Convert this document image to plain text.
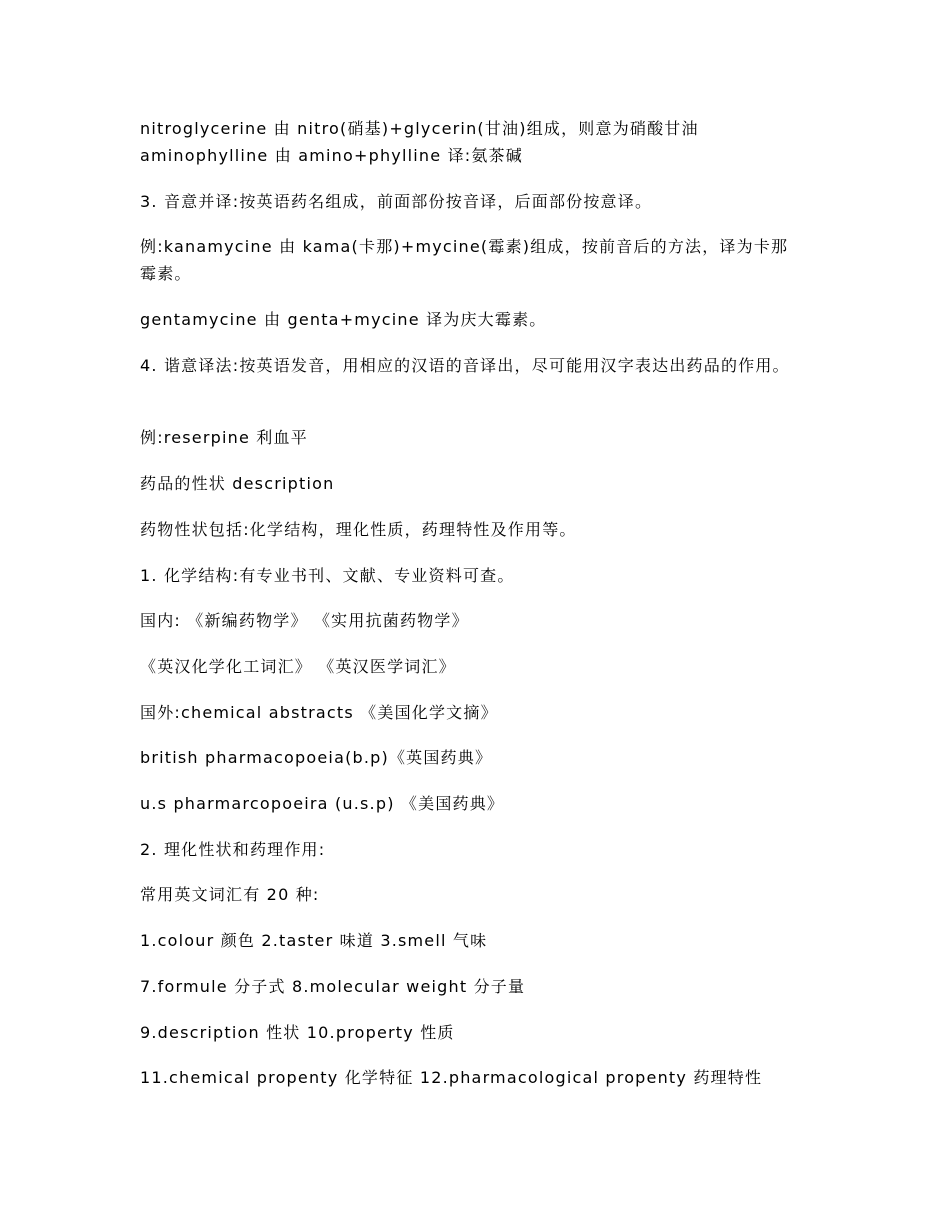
nitroglycerine 由 nitro(硝基)+glycerin(甘油)组成，则意为硝酸甘油

aminophylline 由 amino+phylline 译:氨茶碱

3. 音意并译:按英语药名组成，前面部份按音译，后面部份按意译。

例:kanamycine 由 kama(卡那)+mycine(霉素)组成，按前音后的方法，译为卡那

霉素。

gentamycine 由 genta+mycine 译为庆大霉素。

4. 谐意译法:按英语发音，用相应的汉语的音译出，尽可能用汉字表达出药品的作用。

例:reserpine 利血平

药品的性状 description

药物性状包括:化学结构，理化性质，药理特性及作用等。

1. 化学结构:有专业书刊、文献、专业资料可查。

国内: 《新编药物学》 《实用抗菌药物学》

《英汉化学化工词汇》 《英汉医学词汇》

国外:chemical abstracts 《美国化学文摘》

british pharmacopoeia(b.p)《英国药典》

u.s pharmarcopoeira (u.s.p) 《美国药典》

2. 理化性状和药理作用:

常用英文词汇有 20 种:

1.colour 颜色 2.taster 味道 3.smell 气味

7.formule 分子式 8.molecular weight 分子量

9.description 性状 10.property 性质

11.chemical propenty 化学特征 12.pharmacological propenty 药理特性
